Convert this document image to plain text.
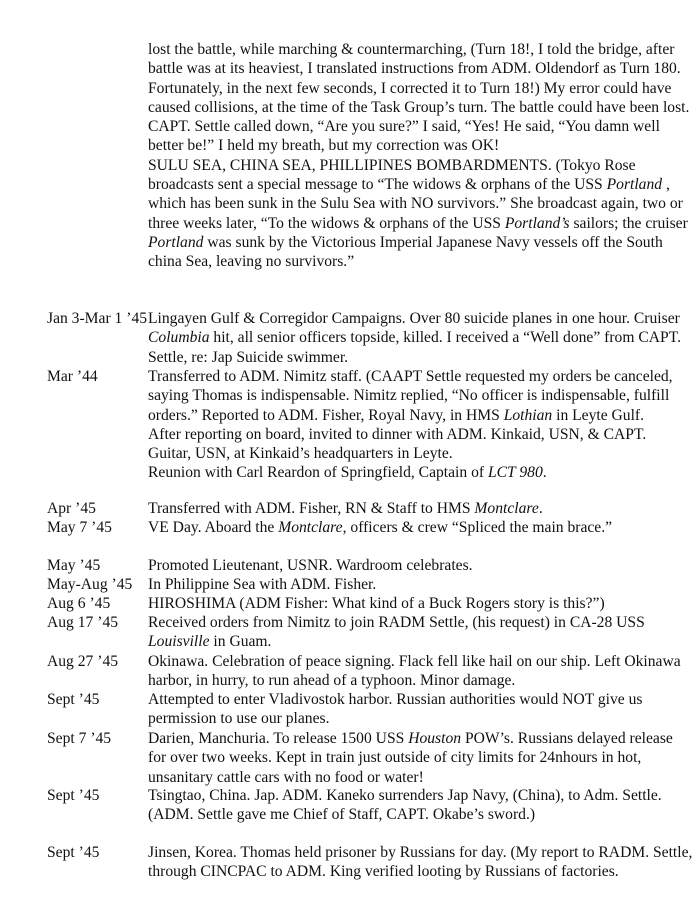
lost the battle, while marching & countermarching, (Turn 18!, I told the bridge, after battle was at its heaviest, I translated instructions from ADM. Oldendorf as Turn 180. Fortunately, in the next few seconds, I corrected it to Turn 18!) My error could have caused collisions, at the time of the Task Group’s turn. The battle could have been lost. CAPT. Settle called down, “Are you sure?” I said, “Yes! He said, “You damn well better be!” I held my breath, but my correction was OK!

SULU SEA, CHINA SEA, PHILLIPINES BOMBARDMENTS. (Tokyo Rose broadcasts sent a special message to “The widows & orphans of the USS Portland , which has been sunk in the Sulu Sea with NO survivors.” She broadcast again, two or three weeks later, “To the widows & orphans of the USS Portland’s sailors; the cruiser Portland was sunk by the Victorious Imperial Japanese Navy vessels off the South china Sea, leaving no survivors.”

Jan 3-Mar 1 ’45 Lingayen Gulf & Corregidor Campaigns. Over 80 suicide planes in one hour. Cruiser Columbia hit, all senior officers topside, killed. I received a “Well done” from CAPT. Settle, re: Jap Suicide swimmer.

Mar ’44	Transferred to ADM. Nimitz staff. (CAAPT Settle requested my orders be canceled, saying Thomas is indispensable. Nimitz replied, “No officer is indispensable, fulfill orders.” Reported to ADM. Fisher, Royal Navy, in HMS Lothian in Leyte Gulf.

After reporting on board, invited to dinner with ADM. Kinkaid, USN, & CAPT. Guitar, USN, at Kinkaid’s headquarters in Leyte.

Reunion with Carl Reardon of Springfield, Captain of LCT 980.

Apr ’45	Transferred with ADM. Fisher, RN & Staff to HMS Montclare.

May 7 ’45 VE Day. Aboard the Montclare, officers & crew “Spliced the main brace.”

May ’45	Promoted Lieutenant, USNR. Wardroom celebrates.

May-Aug ’45 In Philippine Sea with ADM. Fisher.

Aug 6 ’45 HIROSHIMA (ADM Fisher: What kind of a Buck Rogers story is this?”)

Aug 17 ’45 Received orders from Nimitz to join RADM Settle, (his request) in CA-28 USS Louisville in Guam.

Aug 27 ’45 Okinawa. Celebration of peace signing. Flack fell like hail on our ship. Left Okinawa harbor, in hurry, to run ahead of a typhoon. Minor damage.

Sept ’45	Attempted to enter Vladivostok harbor. Russian authorities would NOT give us permission to use our planes.

Sept 7 ’45 Darien, Manchuria. To release 1500 USS Houston POW’s. Russians delayed release for over two weeks. Kept in train just outside of city limits for 24nhours in hot, unsanitary cattle cars with no food or water!

Sept ’45	Tsingtao, China. Jap. ADM. Kaneko surrenders Jap Navy, (China), to Adm. Settle. (ADM. Settle gave me Chief of Staff, CAPT. Okabe’s sword.)

Sept ’45	Jinsen, Korea. Thomas held prisoner by Russians for day. (My report to RADM. Settle, through CINCPAC to ADM. King verified looting by Russians of factories.
